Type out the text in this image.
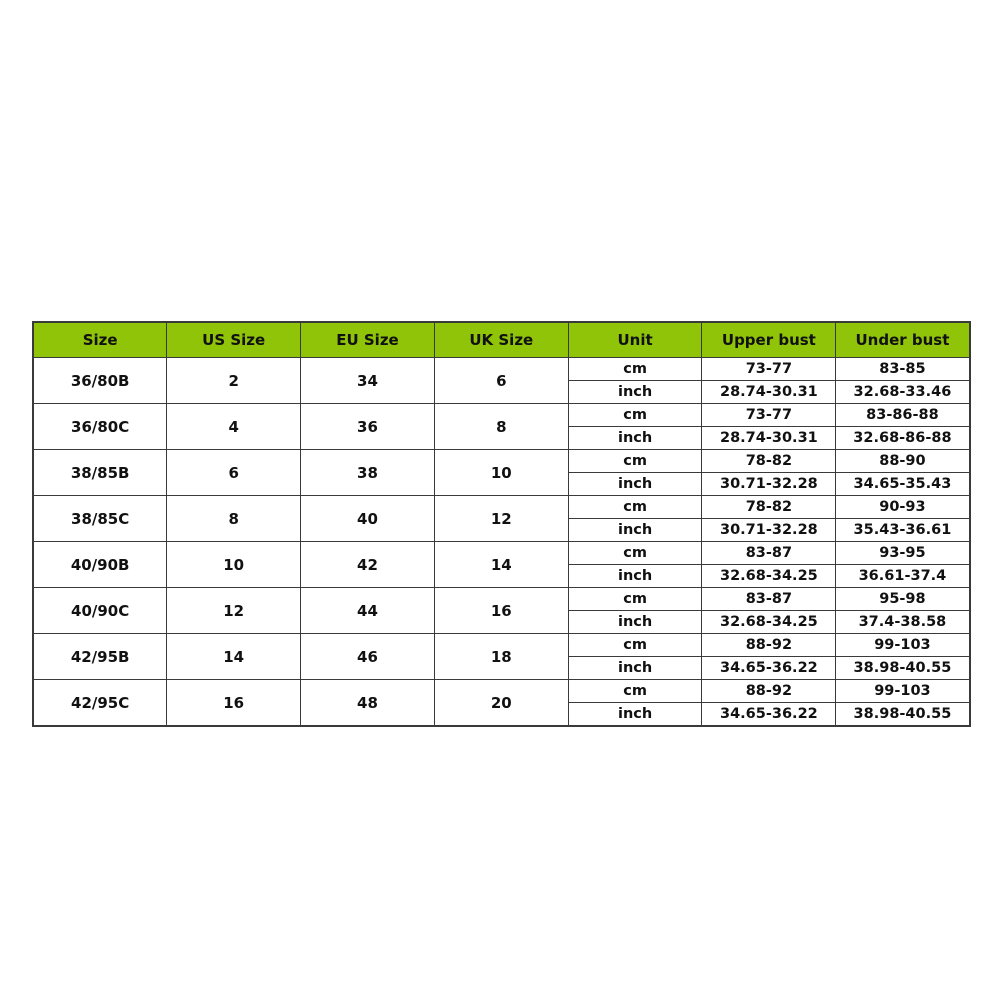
Size	US Size	EU Size	UK Size	Unit	Upper bust	Under bust
36/80B	2	34	6	cm	73-77	83-85
				inch	28.74-30.31	32.68-33.46
36/80C	4	36	8	cm	73-77	83-86-88
				inch	28.74-30.31	32.68-86-88
38/85B	6	38	10	cm	78-82	88-90
				inch	30.71-32.28	34.65-35.43
38/85C	8	40	12	cm	78-82	90-93
				inch	30.71-32.28	35.43-36.61
40/90B	10	42	14	cm	83-87	93-95
				inch	32.68-34.25	36.61-37.4
40/90C	12	44	16	cm	83-87	95-98
				inch	32.68-34.25	37.4-38.58
42/95B	14	46	18	cm	88-92	99-103
				inch	34.65-36.22	38.98-40.55
42/95C	16	48	20	cm	88-92	99-103
				inch	34.65-36.22	38.98-40.55
